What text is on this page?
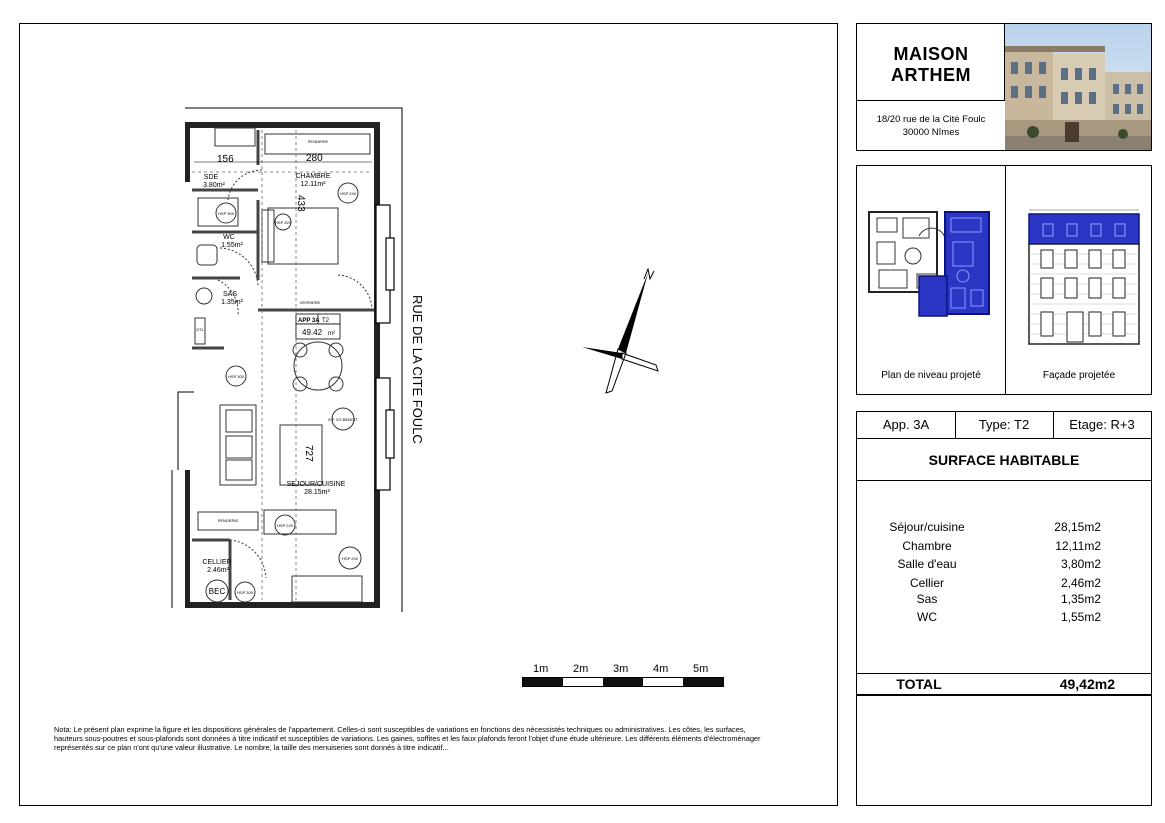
APP 3A T2
49.42 m²
SDE
3.80m²
CHAMBRE
12.11m²
WC
1.55m²
SAS
1.35m²
SEJOUR/CUISINE
28.15m²
CELLIER
2.46m²
156	280
433
727
PENDERIE
PENDERIE
VERRIERE
HSP 240
HSP 320
HSP 300
HSP 300
E.F. EX.BENOIT
HSP 220
HSP 240
HSP 300
GTL
BEC
RUE DE LA CITE FOULC
1m 2m 3m 4m 5m
Nota: Le présent plan exprime la figure et les dispositions générales de l'appartement. Celles-ci sont susceptibles de variations en fonctions des nécessistés techniques ou administratives. Les côtes, les surfaces, hauteurs sous-poutres et sous-plafonds sont données à titre indicatif et susceptibles de variations. Les gaines, soffites et les faux plafonds feront l'objet d'une étude ultérieure. Les différents éléments d'électroménager représentés sur ce plan n'ont qu'une valeur illustrative. Le nombre, la taille des menuiseries sont donnés à titre indicatif...
MAISON
ARTHEM
18/20 rue de la Cité Foulc
30000 Nîmes
Plan de niveau projeté	Façade projetée
App. 3A	Type: T2	Etage: R+3
SURFACE HABITABLE
Séjour/cuisine	28,15m2
Chambre	12,11m2
Salle d'eau	3,80m2
Cellier	2,46m2
Sas	1,35m2
WC	1,55m2
TOTAL	49,42m2
